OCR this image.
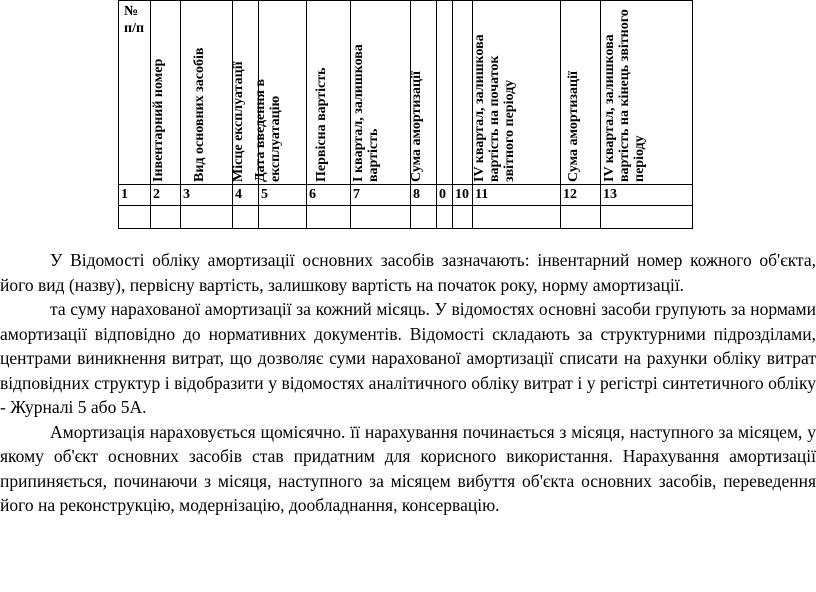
№ п/п	Інвентарний номер	Вид основних засобів	Місце експлуатації	Дата введення в експлуатацію	Первісна вартість	І квартал, залишкова вартість	Сума амортизації			IV квартал, залишкова вартість на початок звітного періоду	Сума амортизації	IV квартал, залишкова вартість на кінець звітного періоду

1	2	3	4	5	6	7	8	0	10	11	12	13

У Відомості обліку амортизації основних засобів зазначають: інвентарний номер кожного об'єкта, його вид (назву), первісну вартість, залишкову вартість на початок року, норму амортизації.

та суму нарахованої амортизації за кожний місяць. У відомостях основні засоби групують за нормами амортизації відповідно до нормативних документів. Відомості складають за структурними підрозділами, центрами виникнення витрат, що дозволяє суми нарахованої амортизації списати на рахунки обліку витрат відповідних структур і відобразити у відомостях аналітичного обліку витрат і у регістрі синтетичного обліку - Журналі 5 або 5А.

Амортизація нараховується щомісячно. її нарахування починається з місяця, наступного за місяцем, у якому об'єкт основних засобів став придатним для корисного використання. Нарахування амортизації припиняється, починаючи з місяця, наступного за місяцем вибуття об'єкта основних засобів, переведення його на реконструкцію, модернізацію, дообладнання, консервацію.
